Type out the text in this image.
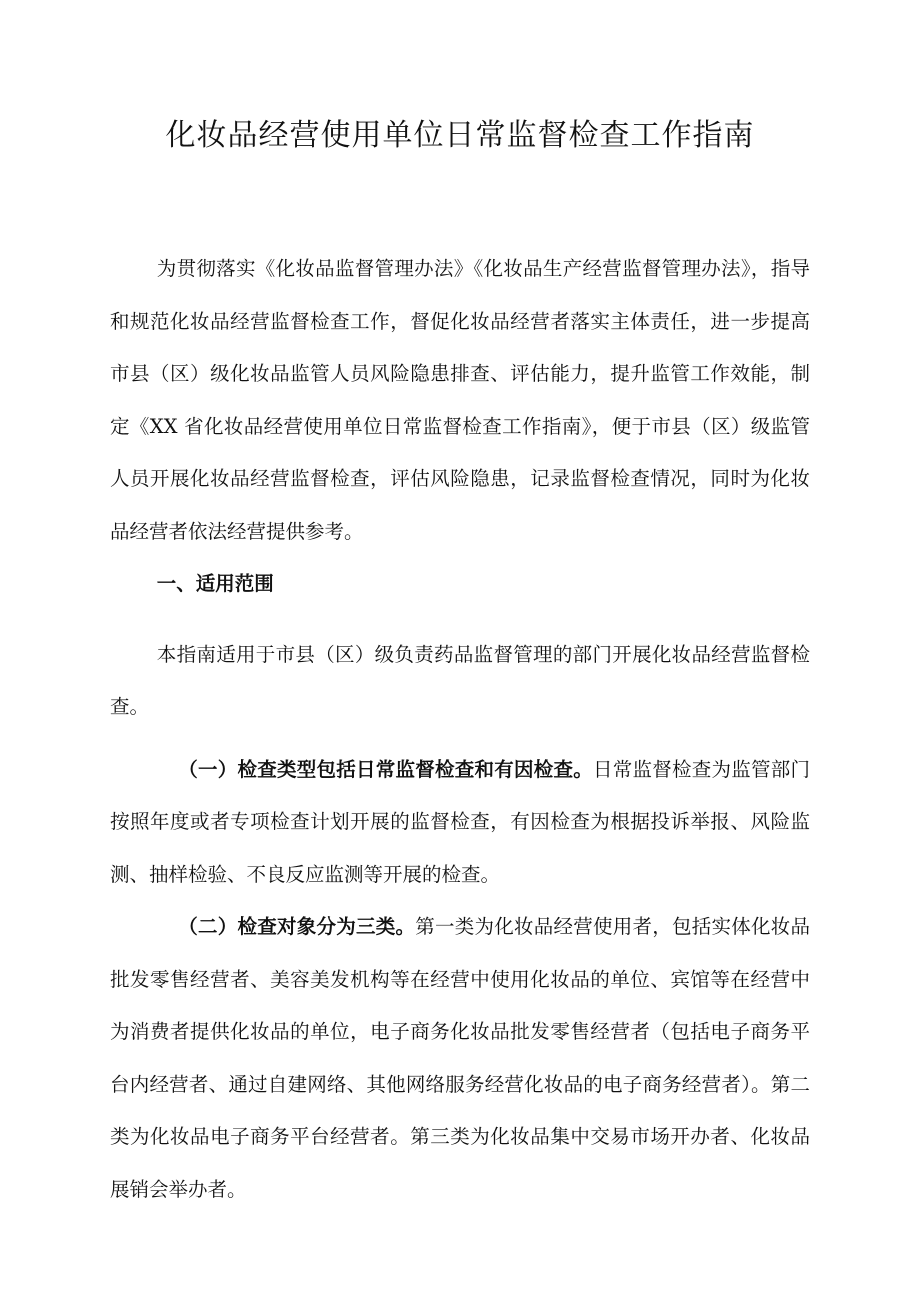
化妆品经营使用单位日常监督检查工作指南

为贯彻落实《化妆品监督管理办法》《化妆品生产经营监督管理办法》，指导和规范化妆品经营监督检查工作，督促化妆品经营者落实主体责任，进一步提高市县（区）级化妆品监管人员风险隐患排查、评估能力，提升监管工作效能，制定《XX 省化妆品经营使用单位日常监督检查工作指南》，便于市县（区）级监管人员开展化妆品经营监督检查，评估风险隐患，记录监督检查情况，同时为化妆品经营者依法经营提供参考。

一、适用范围

本指南适用于市县（区）级负责药品监督管理的部门开展化妆品经营监督检查。

（一）检查类型包括日常监督检查和有因检查。日常监督检查为监管部门按照年度或者专项检查计划开展的监督检查，有因检查为根据投诉举报、风险监测、抽样检验、不良反应监测等开展的检查。

（二）检查对象分为三类。第一类为化妆品经营使用者，包括实体化妆品批发零售经营者、美容美发机构等在经营中使用化妆品的单位、宾馆等在经营中为消费者提供化妆品的单位，电子商务化妆品批发零售经营者（包括电子商务平台内经营者、通过自建网络、其他网络服务经营化妆品的电子商务经营者）。第二类为化妆品电子商务平台经营者。第三类为化妆品集中交易市场开办者、化妆品展销会举办者。
